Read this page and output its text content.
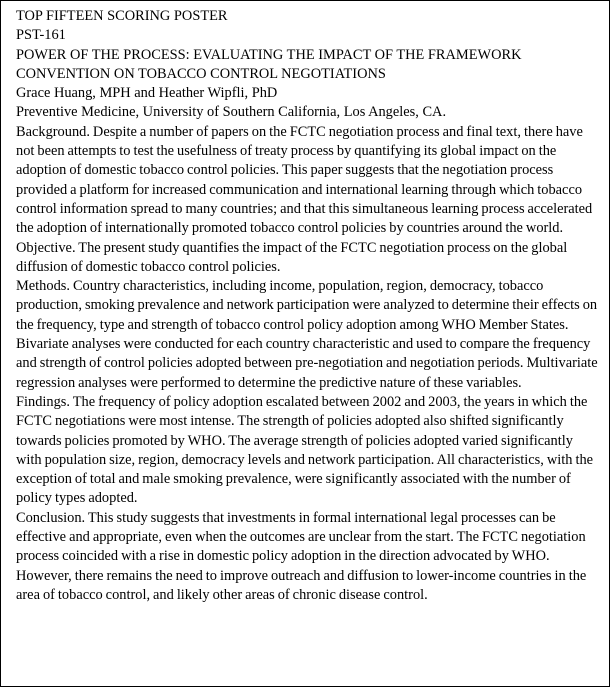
TOP FIFTEEN SCORING POSTER

PST-161

POWER OF THE PROCESS: EVALUATING THE IMPACT OF THE FRAMEWORK CONVENTION ON TOBACCO CONTROL NEGOTIATIONS

Grace Huang, MPH and Heather Wipfli, PhD

Preventive Medicine, University of Southern California, Los Angeles, CA.

Background. Despite a number of papers on the FCTC negotiation process and final text, there have not been attempts to test the usefulness of treaty process by quantifying its global impact on the adoption of domestic tobacco control policies. This paper suggests that the negotiation process provided a platform for increased communication and international learning through which tobacco control information spread to many countries; and that this simultaneous learning process accelerated the adoption of internationally promoted tobacco control policies by countries around the world.

Objective. The present study quantifies the impact of the FCTC negotiation process on the global diffusion of domestic tobacco control policies.

Methods. Country characteristics, including income, population, region, democracy, tobacco production, smoking prevalence and network participation were analyzed to determine their effects on the frequency, type and strength of tobacco control policy adoption among WHO Member States. Bivariate analyses were conducted for each country characteristic and used to compare the frequency and strength of control policies adopted between pre-negotiation and negotiation periods. Multivariate regression analyses were performed to determine the predictive nature of these variables.

Findings. The frequency of policy adoption escalated between 2002 and 2003, the years in which the FCTC negotiations were most intense. The strength of policies adopted also shifted significantly towards policies promoted by WHO. The average strength of policies adopted varied significantly with population size, region, democracy levels and network participation. All characteristics, with the exception of total and male smoking prevalence, were significantly associated with the number of policy types adopted.

Conclusion. This study suggests that investments in formal international legal processes can be effective and appropriate, even when the outcomes are unclear from the start. The FCTC negotiation process coincided with a rise in domestic policy adoption in the direction advocated by WHO. However, there remains the need to improve outreach and diffusion to lower-income countries in the area of tobacco control, and likely other areas of chronic disease control.
